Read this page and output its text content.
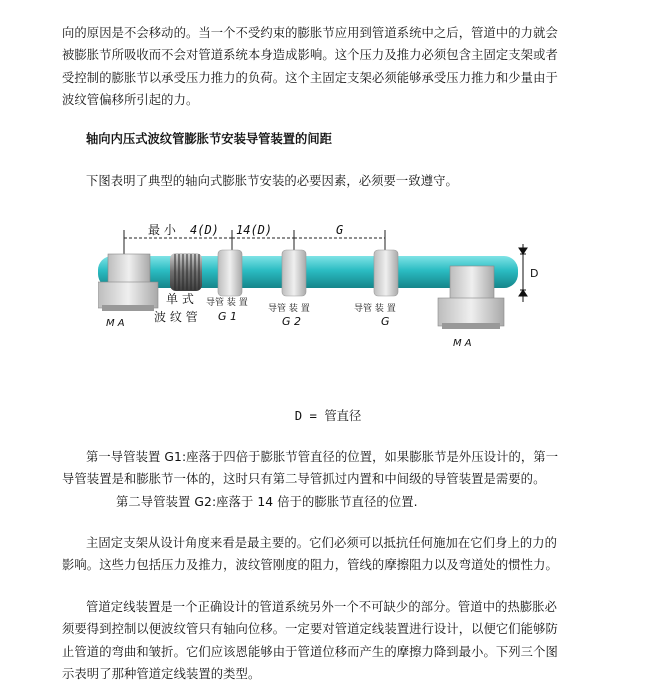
向的原因是不会移动的。当一个不受约束的膨胀节应用到管道系统中之后，管道中的力就会
被膨胀节所吸收而不会对管道系统本身造成影响。这个压力及推力必须包含主固定支架或者
受控制的膨胀节以承受压力推力的负荷。这个主固定支架必须能够承受压力推力和少量由于
波纹管偏移所引起的力。

轴向内压式波纹管膨胀节安装导管装置的间距

下图表明了典型的轴向式膨胀节安装的必要因素，必须要一致遵守。

最 小 4(D) 14(D)	G
D
M A
单 式
波 纹 管
导管 装 置
G 1
导管 装 置
G 2
导管 装 置
G
M A
D = 管直径

第一导管装置 G1:座落于四倍于膨胀节管直径的位置，如果膨胀节是外压设计的，第一
导管装置是和膨胀节一体的，这时只有第二导管抓过内置和中间级的导管装置是需要的。
第二导管装置 G2:座落于 14 倍于的膨胀节直径的位置.

主固定支架从设计角度来看是最主要的。它们必须可以抵抗任何施加在它们身上的力的
影响。这些力包括压力及推力，波纹管刚度的阻力，管线的摩擦阻力以及弯道处的惯性力。

管道定线装置是一个正确设计的管道系统另外一个不可缺少的部分。管道中的热膨胀必
须要得到控制以便波纹管只有轴向位移。一定要对管道定线装置进行设计，以便它们能够防
止管道的弯曲和皱折。它们应该恩能够由于管道位移而产生的摩擦力降到最小。下列三个图
示表明了那种管道定线装置的类型。
